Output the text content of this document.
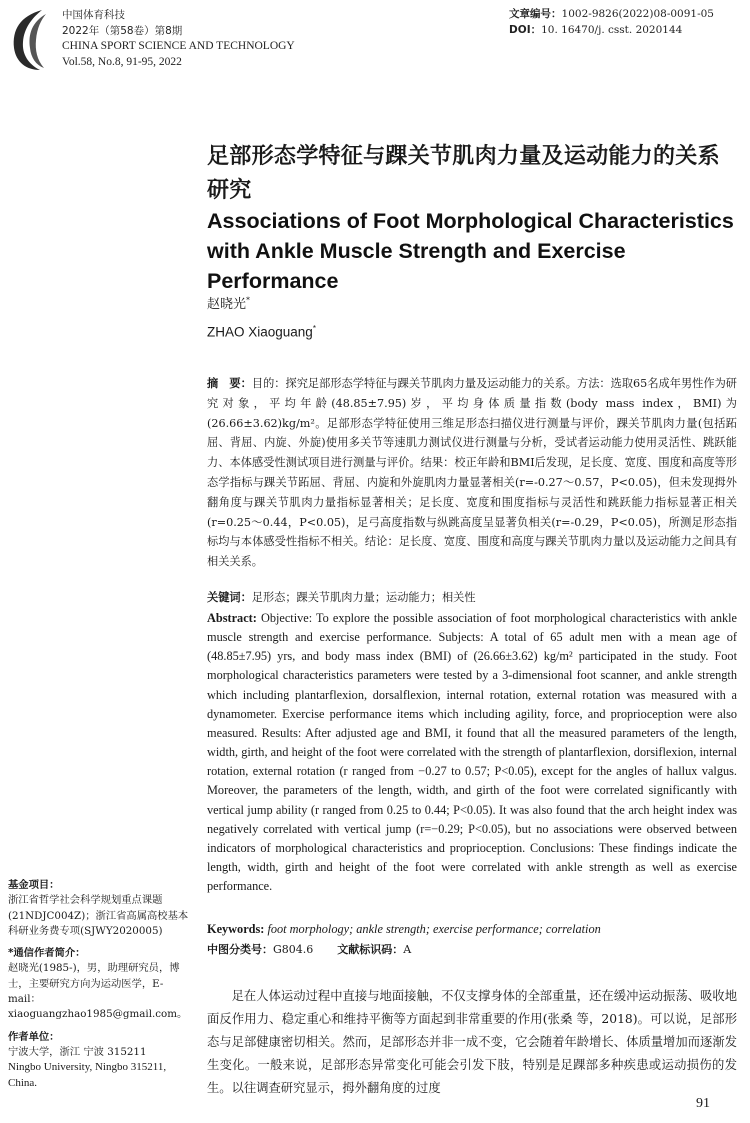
中国体育科技
2022年（第58卷）第8期
CHINA SPORT SCIENCE AND TECHNOLOGY
Vol.58, No.8, 91-95, 2022
文章编号：1002-9826(2022)08-0091-05
DOI：10. 16470/j. csst. 2020144
足部形态学特征与踝关节肌肉力量及运动能力的关系研究
Associations of Foot Morphological Characteristics with Ankle Muscle Strength and Exercise Performance
赵晓光*
ZHAO Xiaoguang*

摘　要：目的：探究足部形态学特征与踝关节肌肉力量及运动能力的关系。方法：选取65名成年男性作为研究对象，平均年龄(48.85±7.95)岁，平均身体质量指数(body mass index，BMI)为(26.66±3.62)kg/m²。足部形态学特征使用三维足形态扫描仪进行测量与评价，踝关节肌肉力量(包括跖屈、背屈、内旋、外旋)使用多关节等速肌力测试仪进行测量与分析，受试者运动能力使用灵活性、跳跃能力、本体感受性测试项目进行测量与评价。结果：校正年龄和BMI后发现，足长度、宽度、围度和高度等形态学指标与踝关节跖屈、背屈、内旋和外旋肌肉力量显著相关(r=-0.27～0.57，P<0.05)，但未发现拇外翻角度与踝关节肌肉力量指标显著相关；足长度、宽度和围度指标与灵活性和跳跃能力指标显著正相关(r=0.25～0.44，P<0.05)，足弓高度指数与纵跳高度呈显著负相关(r=-0.29，P<0.05)，所测足形态指标均与本体感受性指标不相关。结论：足长度、宽度、围度和高度与踝关节肌肉力量以及运动能力之间具有相关关系。

关键词：足形态；踝关节肌肉力量；运动能力；相关性

Abstract: Objective: To explore the possible association of foot morphological characteristics with ankle muscle strength and exercise performance. Subjects: A total of 65 adult men with a mean age of (48.85±7.95) yrs, and body mass index (BMI) of (26.66±3.62) kg/m² participated in the study. Foot morphological characteristics parameters were tested by a 3-dimensional foot scanner, and ankle strength which including plantarflexion, dorsalflexion, internal rotation, external rotation was measured with a dynamometer. Exercise performance items which including agility, force, and proprioception were also measured. Results: After adjusted age and BMI, it found that all the measured parameters of the length, width, girth, and height of the foot were correlated with the strength of plantarflexion, dorsiflexion, internal rotation, external rotation (r ranged from −0.27 to 0.57; P<0.05), except for the angles of hallux valgus. Moreover, the parameters of the length, width, and girth of the foot were correlated significantly with vertical jump ability (r ranged from 0.25 to 0.44; P<0.05). It was also found that the arch height index was negatively correlated with vertical jump (r=−0.29; P<0.05), but no associations were observed between indicators of morphological characteristics and proprioception. Conclusions: These findings indicate the length, width, girth and height of the foot were correlated with ankle strength as well as exercise performance.

Keywords: foot morphology; ankle strength; exercise performance; correlation

中图分类号：G804.6 文献标识码：A
基金项目：
浙江省哲学社会科学规划重点课题(21NDJC004Z)；浙江省高属高校基本科研业务费专项(SJWY2020005)
*通信作者简介：
赵晓光(1985-)，男，助理研究员，博士，主要研究方向为运动医学，E-mail：xiaoguangzhao1985@gmail.com。
作者单位：
宁波大学，浙江 宁波 315211
Ningbo University, Ningbo 315211, China.

足在人体运动过程中直接与地面接触，不仅支撑身体的全部重量，还在缓冲运动振荡、吸收地面反作用力、稳定重心和维持平衡等方面起到非常重要的作用(张桑 等，2018)。可以说，足部形态与足部健康密切相关。然而，足部形态并非一成不变，它会随着年龄增长、体质量增加而逐渐发生变化。一般来说，足部形态异常变化可能会引发下肢，特别是足踝部多种疾患或运动损伤的发生。以往调查研究显示，拇外翻角度的过度

91
